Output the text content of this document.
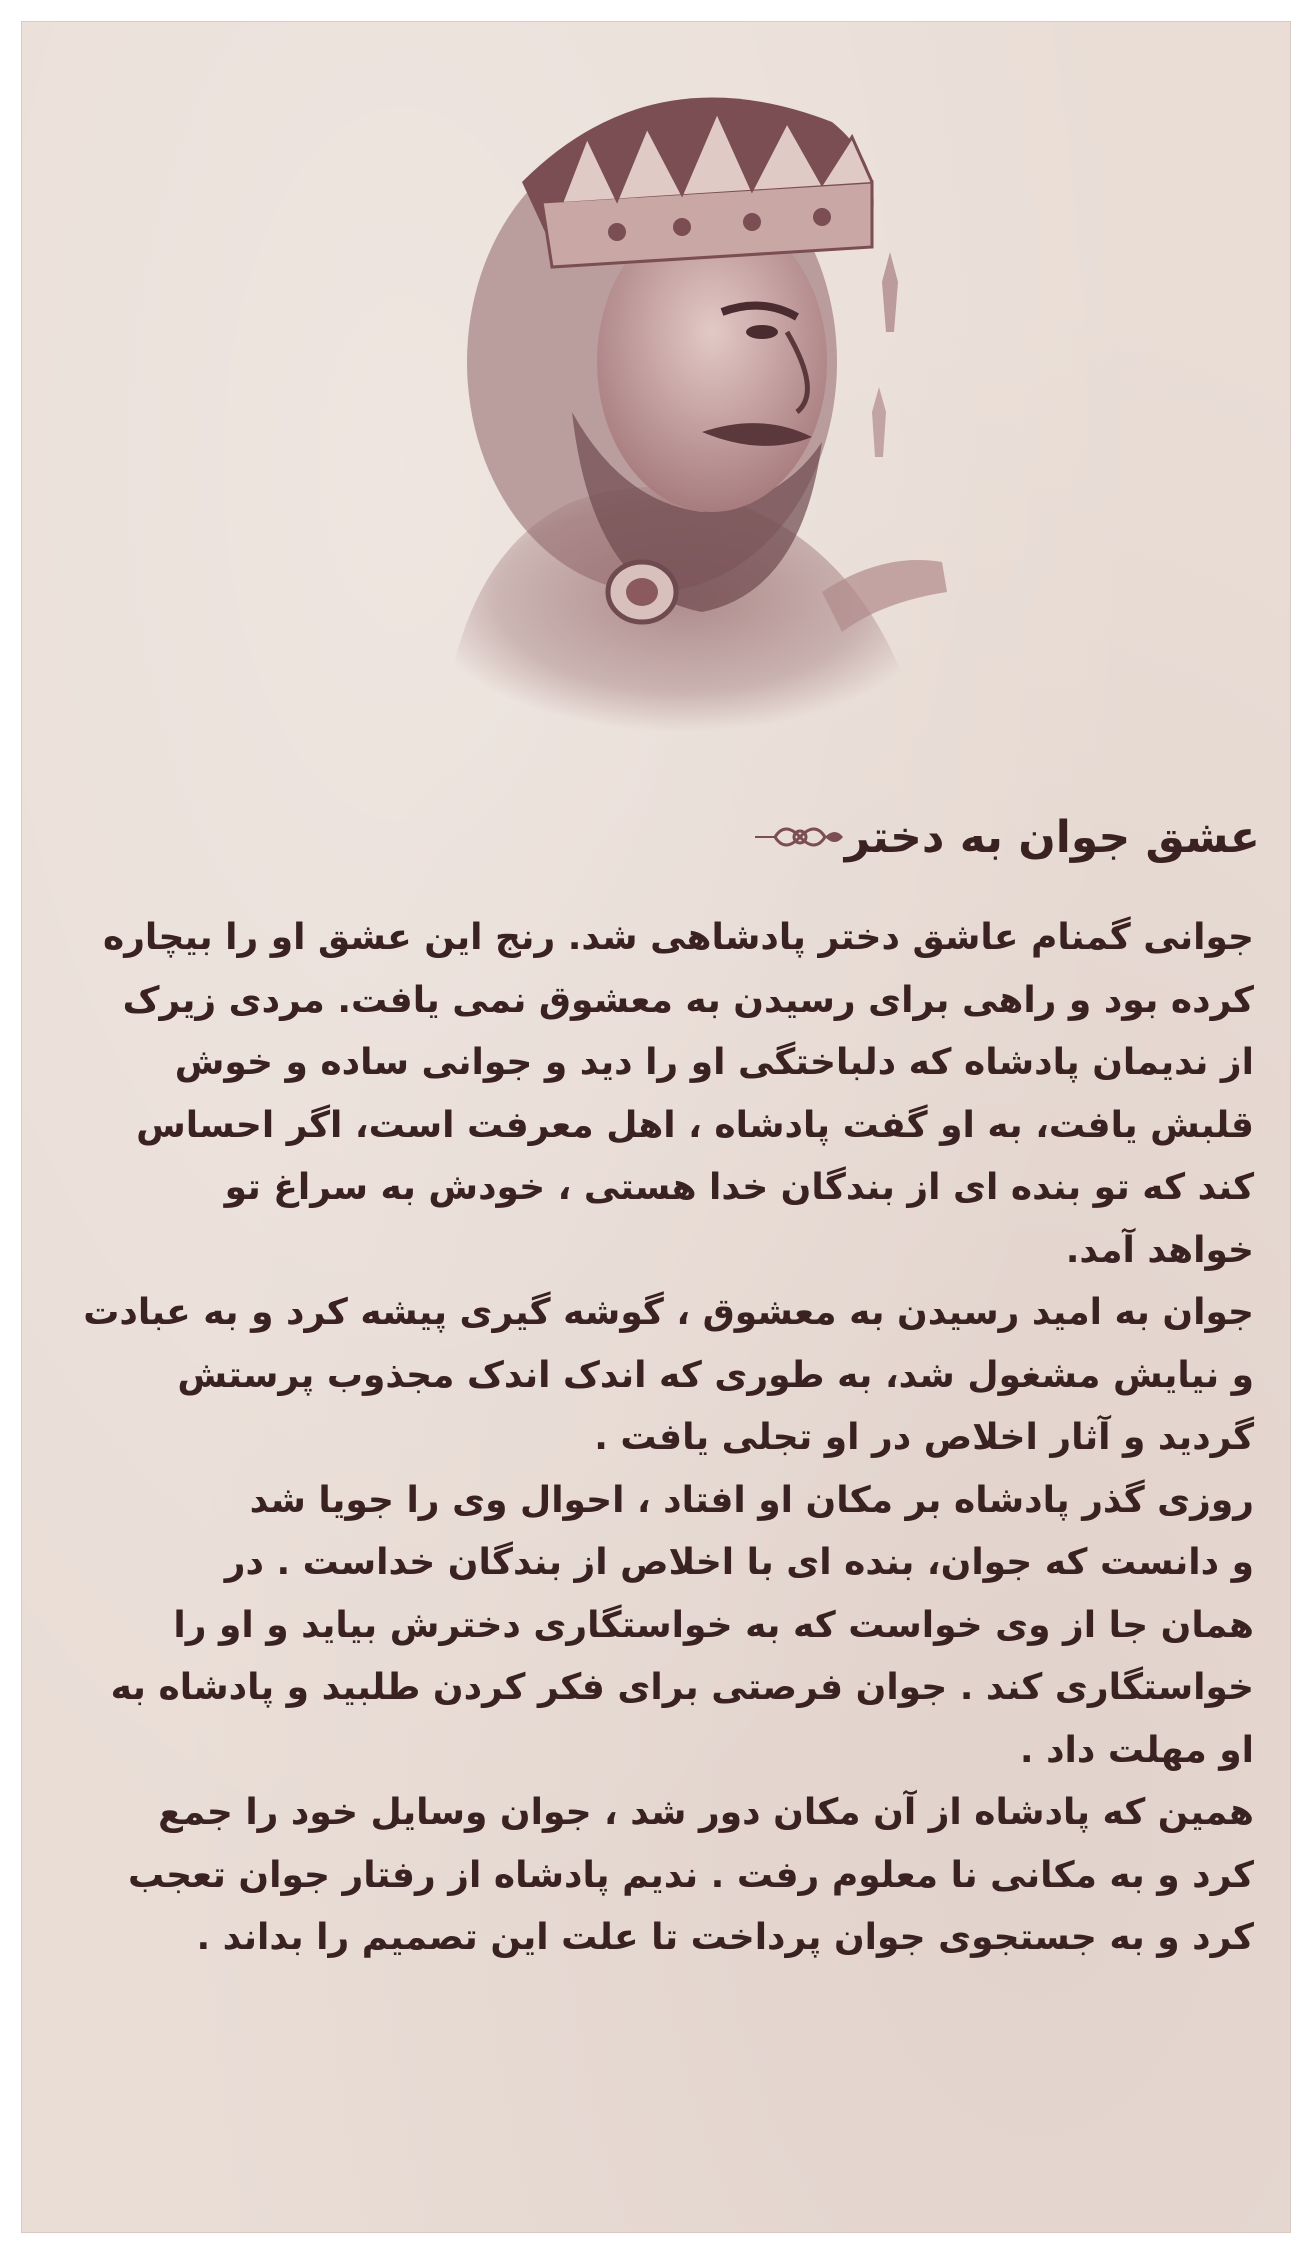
عشق جوان به دختر

جوانی گمنام عاشق دختر پادشاهی شد. رنج این عشق او را بیچاره
کرده بود و راهی برای رسیدن به معشوق نمی یافت. مردی زیرک
از ندیمان پادشاه که دلباختگی او را دید و جوانی ساده و خوش
قلبش یافت، به او گفت پادشاه ، اهل معرفت است، اگر احساس
کند که تو بنده ای از بندگان خدا هستی ، خودش به سراغ تو
خواهد آمد.

جوان به امید رسیدن به معشوق ، گوشه گیری پیشه کرد و به عبادت
و نیایش مشغول شد، به طوری که اندک اندک مجذوب پرستش
گردید و آثار اخلاص در او تجلی یافت .

روزی گذر پادشاه بر مکان او افتاد ، احوال وی را جویا شد
و دانست که جوان، بنده ای با اخلاص از بندگان خداست . در
همان جا از وی خواست که به خواستگاری دخترش بیاید و او را
خواستگاری کند . جوان فرصتی برای فکر کردن طلبید و پادشاه به
او مهلت داد .

همین که پادشاه از آن مکان دور شد ، جوان وسایل خود را جمع
کرد و به مکانی نا معلوم رفت . ندیم پادشاه از رفتار جوان تعجب
کرد و به جستجوی جوان پرداخت تا علت این تصمیم را بداند .
